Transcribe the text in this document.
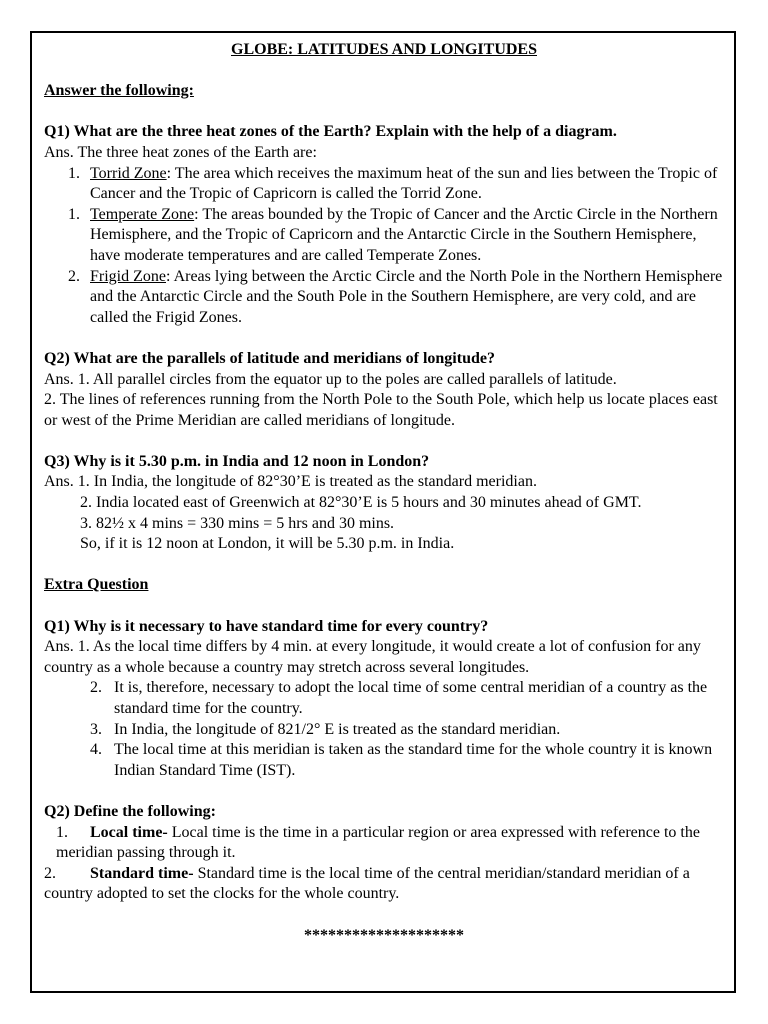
GLOBE: LATITUDES AND LONGITUDES
Answer the following:
Q1) What are the three heat zones of the Earth? Explain with the help of a diagram.
Ans. The three heat zones of the Earth are:
1. Torrid Zone: The area which receives the maximum heat of the sun and lies between the Tropic of Cancer and the Tropic of Capricorn is called the Torrid Zone.
1. Temperate Zone: The areas bounded by the Tropic of Cancer and the Arctic Circle in the Northern Hemisphere, and the Tropic of Capricorn and the Antarctic Circle in the Southern Hemisphere, have moderate temperatures and are called Temperate Zones.
2. Frigid Zone: Areas lying between the Arctic Circle and the North Pole in the Northern Hemisphere and the Antarctic Circle and the South Pole in the Southern Hemisphere, are very cold, and are called the Frigid Zones.
Q2) What are the parallels of latitude and meridians of longitude?
Ans. 1. All parallel circles from the equator up to the poles are called parallels of latitude.
2. The lines of references running from the North Pole to the South Pole, which help us locate places east or west of the Prime Meridian are called meridians of longitude.
Q3) Why is it 5.30 p.m. in India and 12 noon in London?
Ans. 1. In India, the longitude of 82°30’E is treated as the standard meridian.
2. India located east of Greenwich at 82°30’E is 5 hours and 30 minutes ahead of GMT.
3. 82½ x 4 mins = 330 mins = 5 hrs and 30 mins.
So, if it is 12 noon at London, it will be 5.30 p.m. in India.
Extra Question
Q1) Why is it necessary to have standard time for every country?
Ans. 1. As the local time differs by 4 min. at every longitude, it would create a lot of confusion for any country as a whole because a country may stretch across several longitudes.
2. It is, therefore, necessary to adopt the local time of some central meridian of a country as the standard time for the country.
3. In India, the longitude of 821/2° E is treated as the standard meridian.
4. The local time at this meridian is taken as the standard time for the whole country it is known Indian Standard Time (IST).
Q2) Define the following:
1. Local time- Local time is the time in a particular region or area expressed with reference to the meridian passing through it.
2. Standard time- Standard time is the local time of the central meridian/standard meridian of a country adopted to set the clocks for the whole country.
********************
